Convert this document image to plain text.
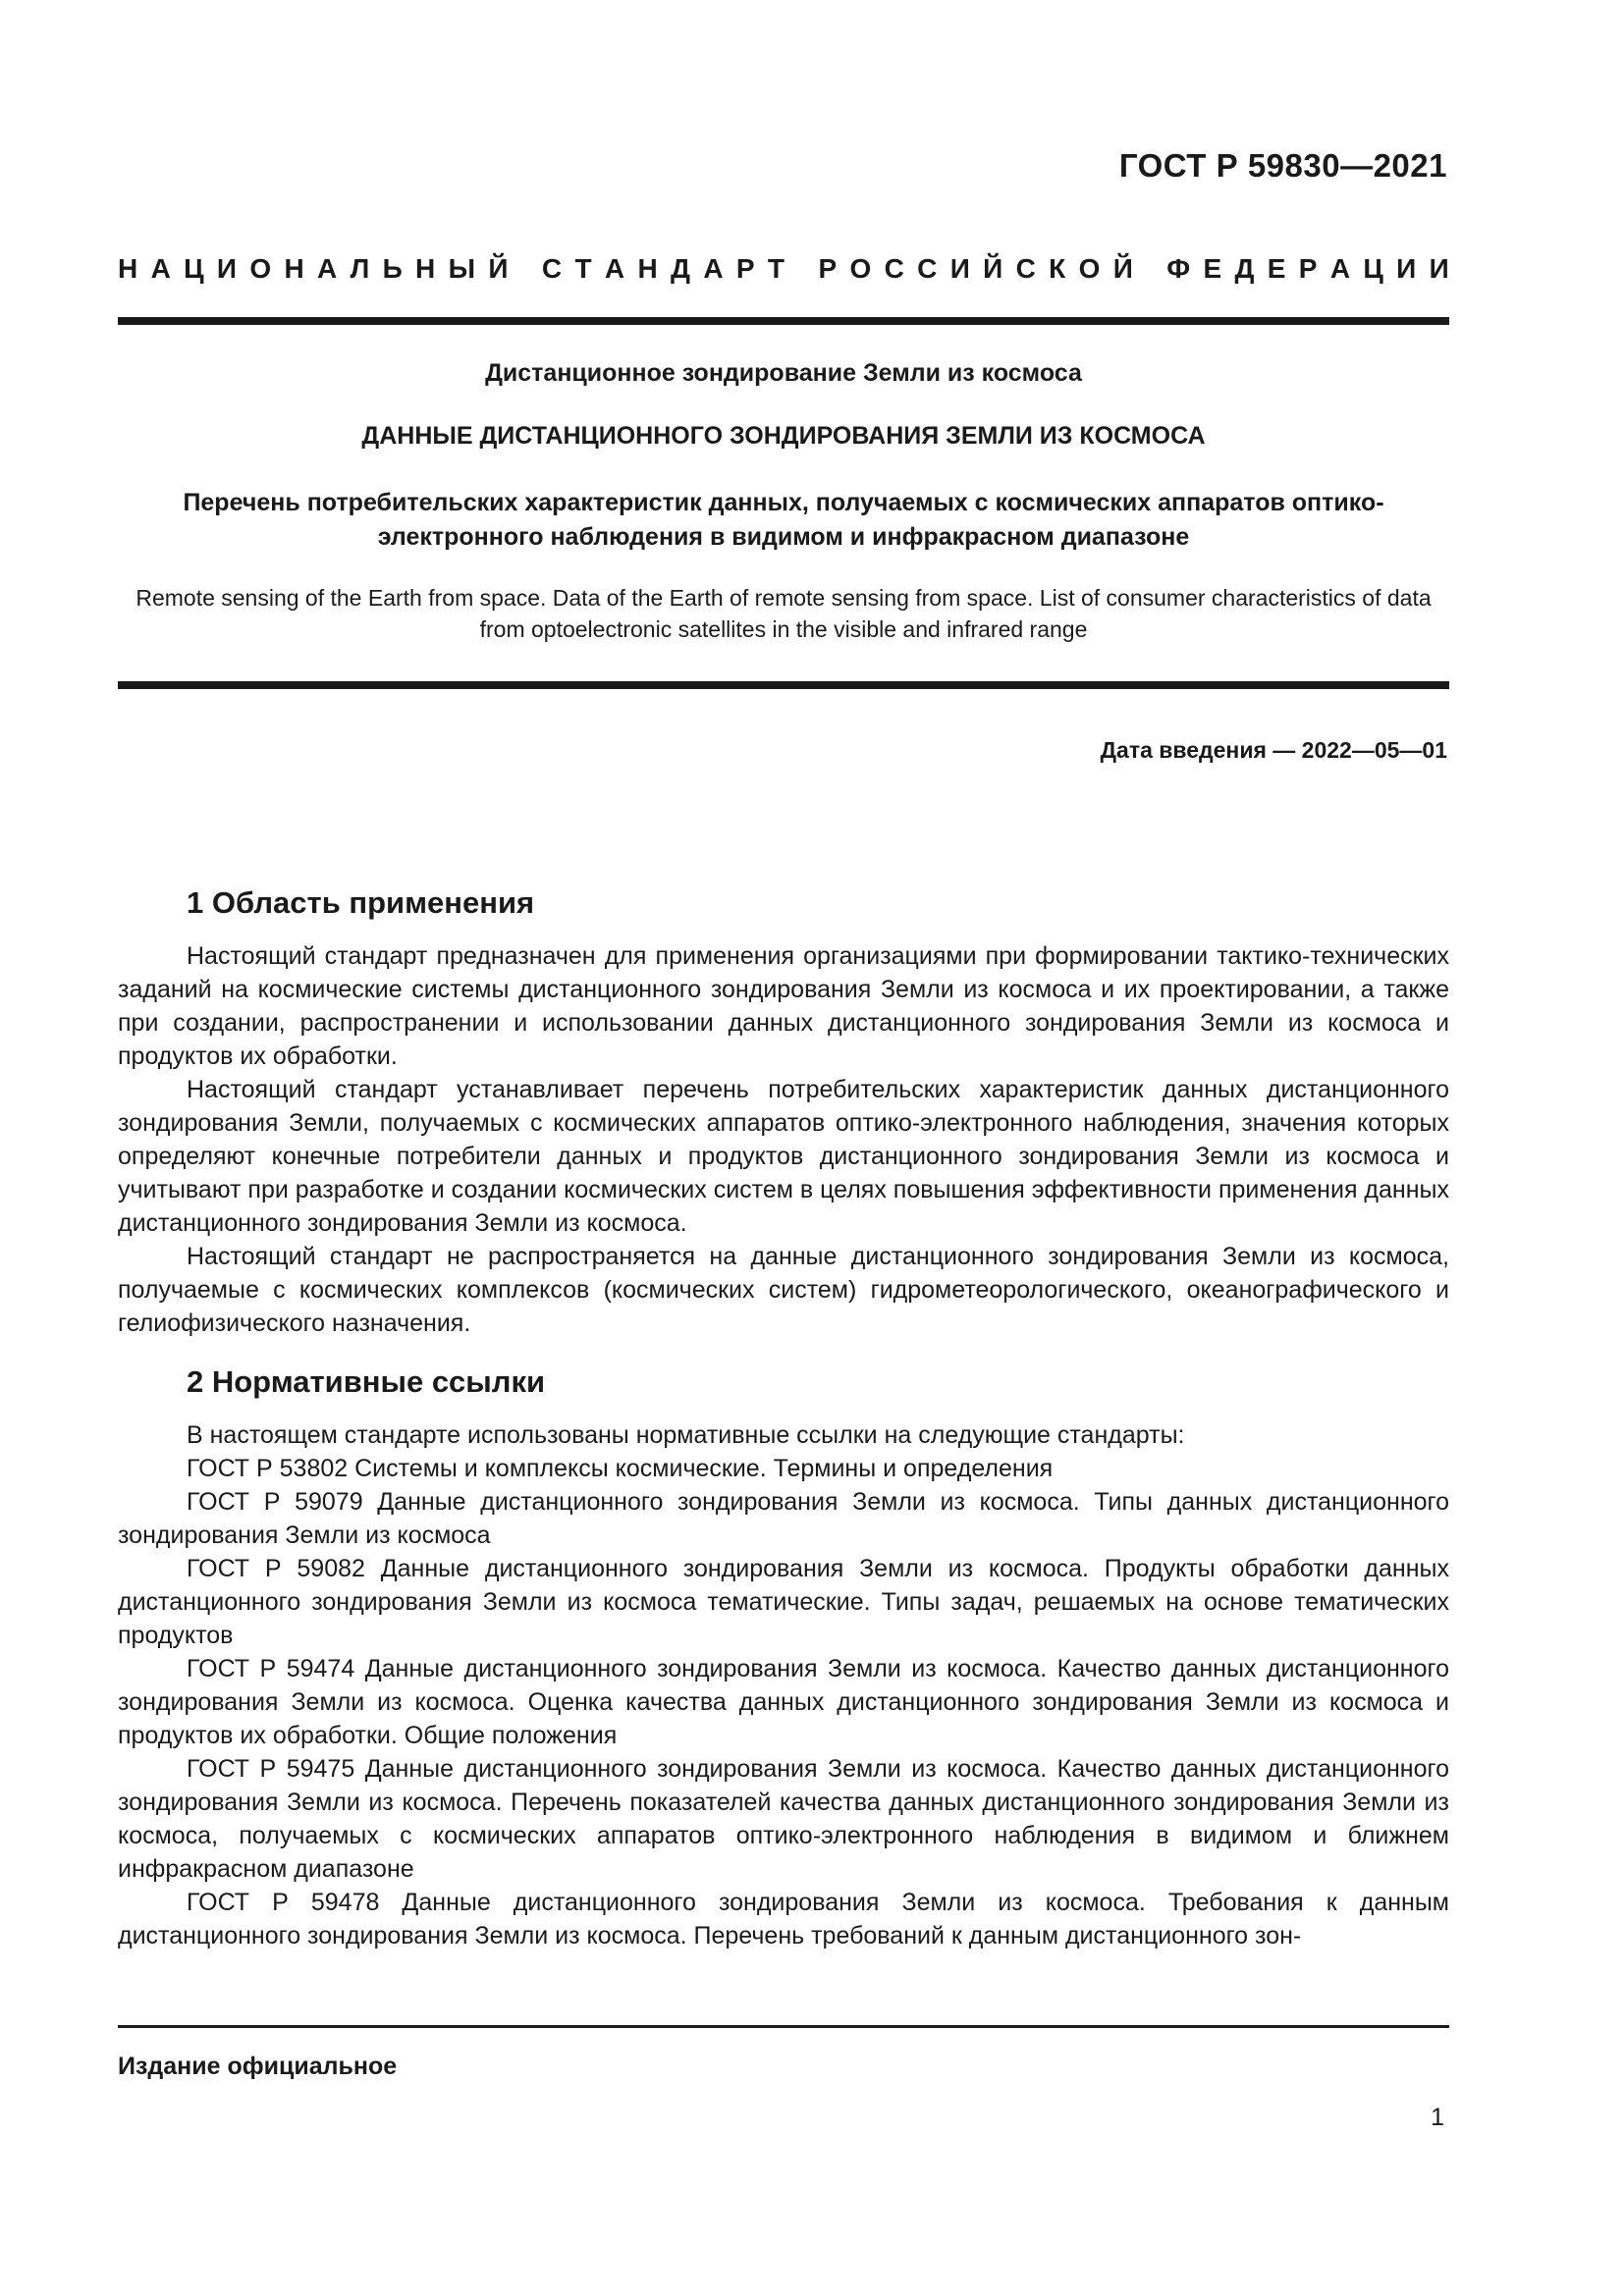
ГОСТ Р 59830—2021
Н А Ц И О Н А Л Ь Н Ы Й
С Т А Н Д А Р Т
Р О С С И Й С К О Й
Ф Е Д Е Р А Ц И И
Дистанционное зондирование Земли из космоса
ДАННЫЕ ДИСТАНЦИОННОГО ЗОНДИРОВАНИЯ ЗЕМЛИ ИЗ КОСМОСА
Перечень потребительских характеристик данных, получаемых с космических аппаратов оптико-электронного наблюдения в видимом и инфракрасном диапазоне
Remote sensing of the Earth from space. Data of the Earth of remote sensing from space. List of consumer characteristics of data from optoelectronic satellites in the visible and infrared range
Дата введения — 2022—05—01
1 Область применения

Настоящий стандарт предназначен для применения организациями при формировании тактико-технических заданий на космические системы дистанционного зондирования Земли из космоса и их проектировании, а также при создании, распространении и использовании данных дистанционного зондирования Земли из космоса и продуктов их обработки.

Настоящий стандарт устанавливает перечень потребительских характеристик данных дистанционного зондирования Земли, получаемых с космических аппаратов оптико-электронного наблюдения, значения которых определяют конечные потребители данных и продуктов дистанционного зондирования Земли из космоса и учитывают при разработке и создании космических систем в целях повышения эффективности применения данных дистанционного зондирования Земли из космоса.

Настоящий стандарт не распространяется на данные дистанционного зондирования Земли из космоса, получаемые с космических комплексов (космических систем) гидрометеорологического, океанографического и гелиофизического назначения.

2 Нормативные ссылки

В настоящем стандарте использованы нормативные ссылки на следующие стандарты:

ГОСТ Р 53802 Системы и комплексы космические. Термины и определения

ГОСТ Р 59079 Данные дистанционного зондирования Земли из космоса. Типы данных дистанционного зондирования Земли из космоса

ГОСТ Р 59082 Данные дистанционного зондирования Земли из космоса. Продукты обработки данных дистанционного зондирования Земли из космоса тематические. Типы задач, решаемых на основе тематических продуктов

ГОСТ Р 59474 Данные дистанционного зондирования Земли из космоса. Качество данных дистанционного зондирования Земли из космоса. Оценка качества данных дистанционного зондирования Земли из космоса и продуктов их обработки. Общие положения

ГОСТ Р 59475 Данные дистанционного зондирования Земли из космоса. Качество данных дистанционного зондирования Земли из космоса. Перечень показателей качества данных дистанционного зондирования Земли из космоса, получаемых с космических аппаратов оптико-электронного наблюдения в видимом и ближнем инфракрасном диапазоне

ГОСТ Р 59478 Данные дистанционного зондирования Земли из космоса. Требования к данным дистанционного зондирования Земли из космоса. Перечень требований к данным дистанционного зон-

Издание официальное
1
